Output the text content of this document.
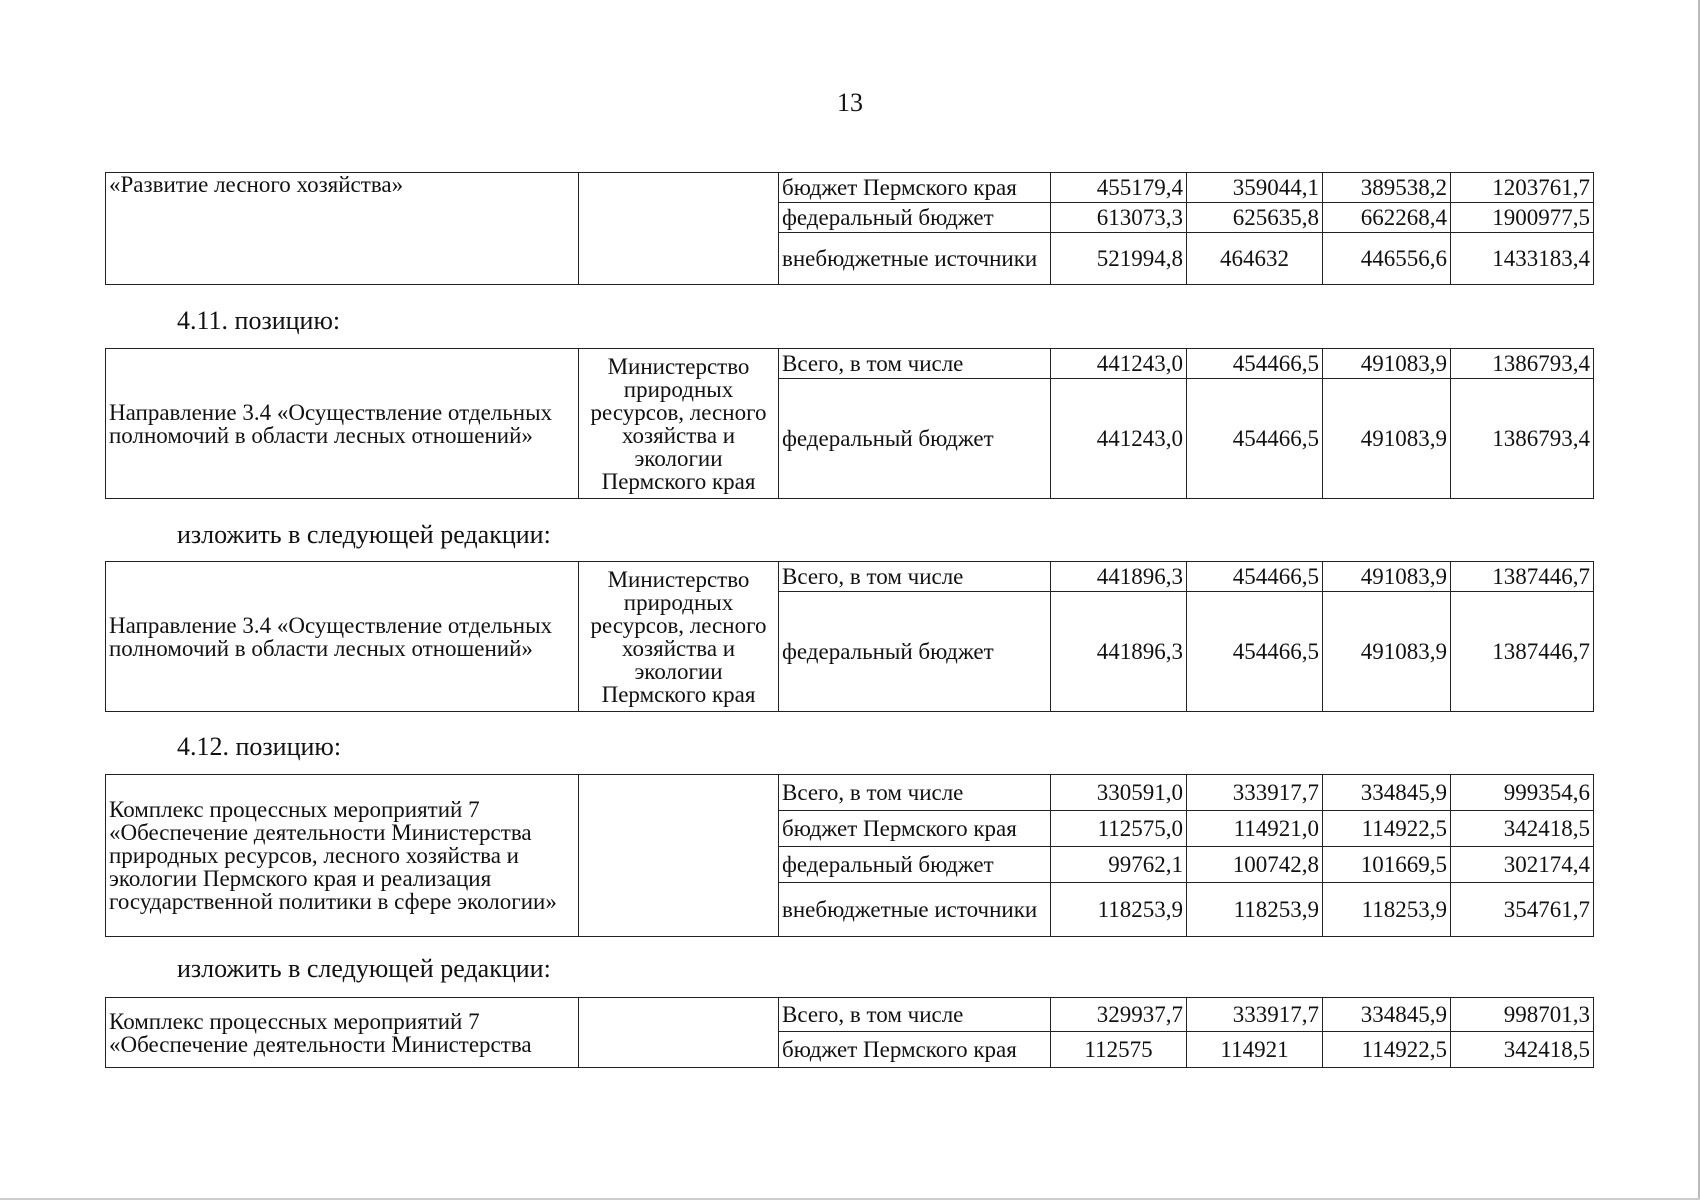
13
«Развитие лесного хозяйства»		бюджет Пермского края	455179,4	359044,1	389538,2	1203761,7
		федеральный бюджет	613073,3	625635,8	662268,4	1900977,5
		внебюджетные источники	521994,8	464632	446556,6	1433183,4
4.11. позицию:
Направление 3.4 «Осуществление отдельных полномочий в области лесных отношений»	Министерство природных ресурсов, лесного хозяйства и экологии Пермского края	Всего, в том числе	441243,0	454466,5	491083,9	1386793,4
		федеральный бюджет	441243,0	454466,5	491083,9	1386793,4
изложить в следующей редакции:
Направление 3.4 «Осуществление отдельных полномочий в области лесных отношений»	Министерство природных ресурсов, лесного хозяйства и экологии Пермского края	Всего, в том числе	441896,3	454466,5	491083,9	1387446,7
		федеральный бюджет	441896,3	454466,5	491083,9	1387446,7
4.12. позицию:
Комплекс процессных мероприятий 7 «Обеспечение деятельности Министерства природных ресурсов, лесного хозяйства и экологии Пермского края и реализация государственной политики в сфере экологии»		Всего, в том числе	330591,0	333917,7	334845,9	999354,6
		бюджет Пермского края	112575,0	114921,0	114922,5	342418,5
		федеральный бюджет	99762,1	100742,8	101669,5	302174,4
		внебюджетные источники	118253,9	118253,9	118253,9	354761,7
изложить в следующей редакции:
Комплекс процессных мероприятий 7 «Обеспечение деятельности Министерства		Всего, в том числе	329937,7	333917,7	334845,9	998701,3
		бюджет Пермского края	112575	114921	114922,5	342418,5
